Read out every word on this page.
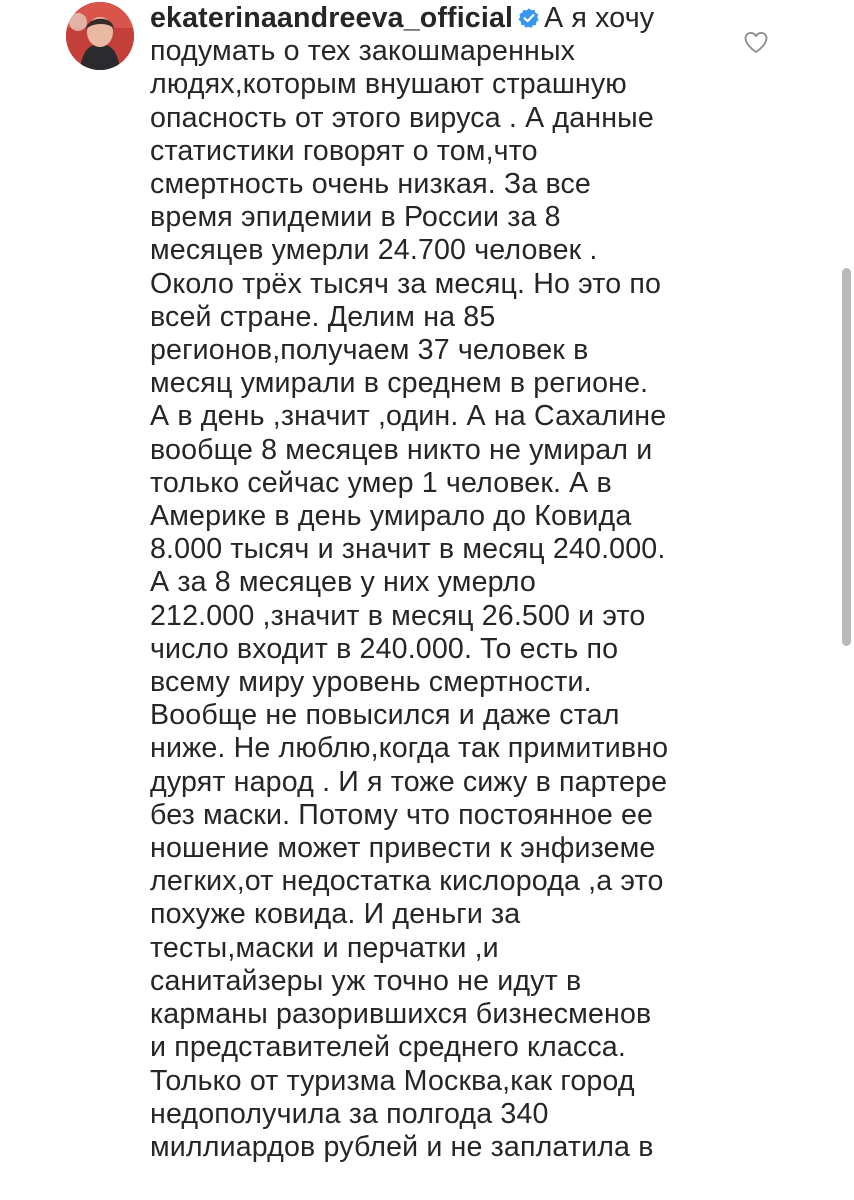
ekaterinaandreeva_official А я хочу
подумать о тех закошмаренных
людях,которым внушают страшную
опасность от этого вируса . А данные
статистики говорят о том,что
смертность очень низкая. За все
время эпидемии в России за 8
месяцев умерли 24.700 человек .
Около трёх тысяч за месяц. Но это по
всей стране. Делим на 85
регионов,получаем 37 человек в
месяц умирали в среднем в регионе.
А в день ,значит ,один. А на Сахалине
вообще 8 месяцев никто не умирал и
только сейчас умер 1 человек. А в
Америке в день умирало до Ковида
8.000 тысяч и значит в месяц 240.000.
А за 8 месяцев у них умерло
212.000 ,значит в месяц 26.500 и это
число входит в 240.000. То есть по
всему миру уровень смертности.
Вообще не повысился и даже стал
ниже. Не люблю,когда так примитивно
дурят народ . И я тоже сижу в партере
без маски. Потому что постоянное ее
ношение может привести к энфиземе
легких,от недостатка кислорода ,а это
похуже ковида. И деньги за
тесты,маски и перчатки ,и
санитайзеры уж точно не идут в
карманы разорившихся бизнесменов
и представителей среднего класса.
Только от туризма Москва,как город
недополучила за полгода 340
миллиардов рублей и не заплатила в
